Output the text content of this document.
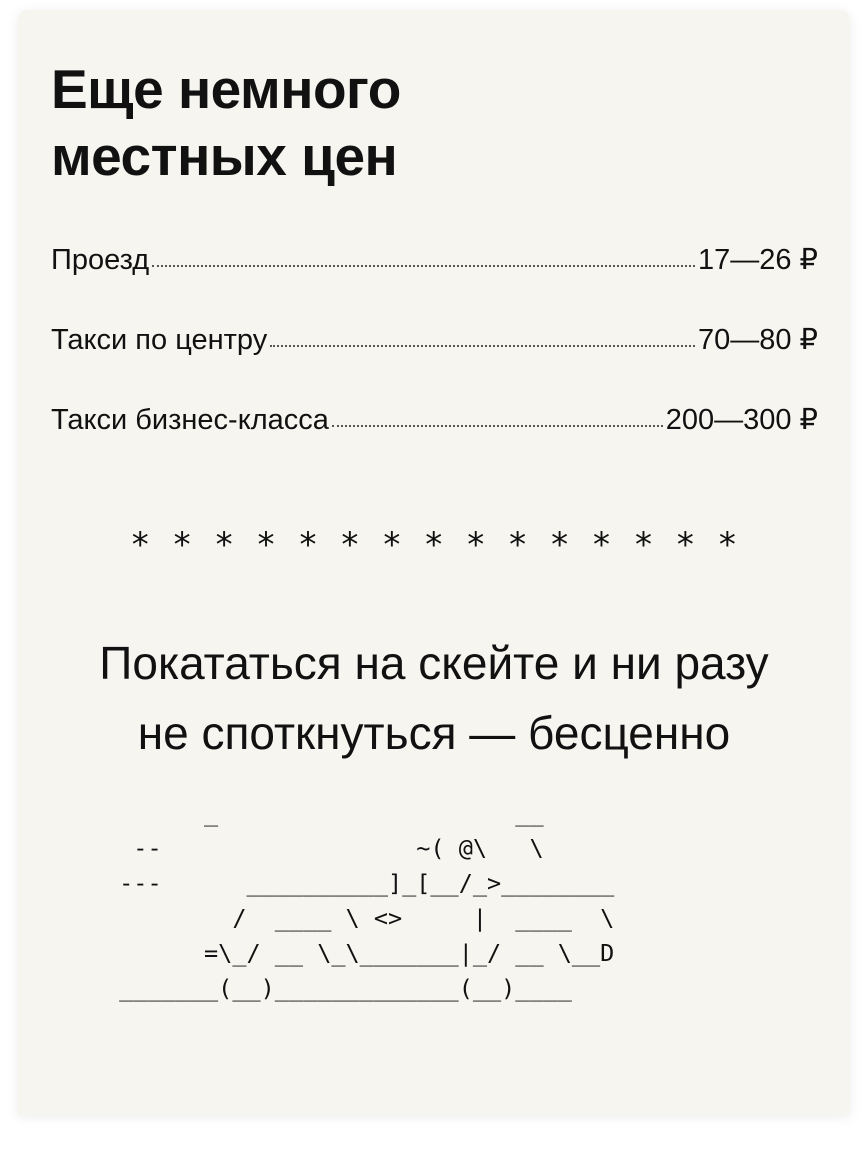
Еще немного
местных цен
Проезд	17—26 ₽
Такси по центру	70—80 ₽
Такси бизнес-класса	200—300 ₽
* * * * * * * * * * * * * * *
Покататься на скейте и ни разу
не споткнуться — бесценно
_                     __
--                  ~( @\   \
---      __________]_[__/_>________
/  ____ \ <>     |  ____  \
=\_/ __ \_\_______|_/ __ \__D
_______(__)_____________(__)____
